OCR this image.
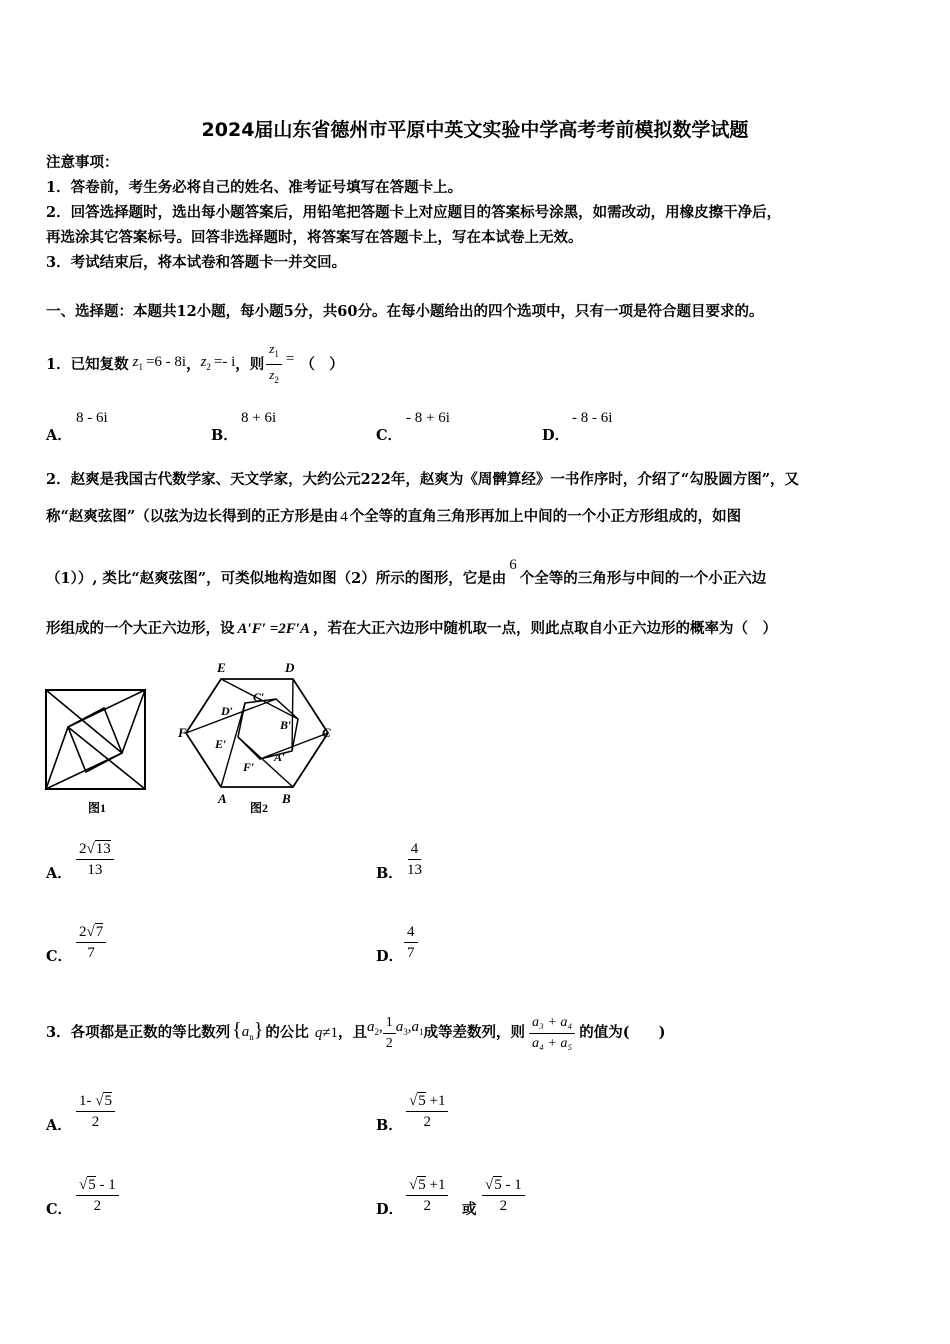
2024届山东省德州市平原中英文实验中学高考考前模拟数学试题
注意事项：
1．答卷前，考生务必将自己的姓名、准考证号填写在答题卡上。
2．回答选择题时，选出每小题答案后，用铅笔把答题卡上对应题目的答案标号涂黑，如需改动，用橡皮擦干净后，
再选涂其它答案标号。回答非选择题时，将答案写在答题卡上，写在本试卷上无效。
3．考试结束后，将本试卷和答题卡一并交回。
一、选择题：本题共12小题，每小题5分，共60分。在每小题给出的四个选项中，只有一项是符合题目要求的。
1．已知复数 $z_1 =6 - 8i$ ， $z_2 =- i$ ，则 $\frac{z_1}{z_2}$ = （　）
A．
8 - 6i
B．
8 + 6i
C．
- 8 + 6i
D．
- 8 - 6i
2．赵爽是我国古代数学家、天文学家，大约公元222年，赵爽为《周髀算经》一书作序时，介绍了“勾股圆方图”，又
称“赵爽弦图”（以弦为边长得到的正方形是由 4 个全等的直角三角形再加上中间的一个小正方形组成的，如图
（1））, 类比“赵爽弦图”，可类似地构造如图（2）所示的图形，它是由6个全等的三角形与中间的一个小正六边
形组成的一个大正六边形，设 A′F′ =2F′A ，若在大正六边形中随机取一点，则此点取自小正六边形的概率为（　）
图1
E	D
C
F
A	B
C′
D′
B′
E′
A′
F′
图2
A． $\frac{2√13}{13}$	B． $\frac{4}{13}$
C． $\frac{2√7}{7}$	D． $\frac{4}{7}$
3．各项都是正数的等比数列 $\{a_n\}$ 的公比 q ≠1 ，且 $a_2$, $\frac{1}{2} a_3,a_1$ 成等差数列，则 $\frac{\text{a₃ + a₄}}{\text{a₄ + a₅}}$ 的值为(　　)
A． $\frac{1- √5}{2}$	B． $\frac{√5 +1}{2}$
C． $\frac{√5 - 1}{2}$	D． $\frac{√5 +1}{2}$ 或 $\frac{√5 - 1}{2}$
